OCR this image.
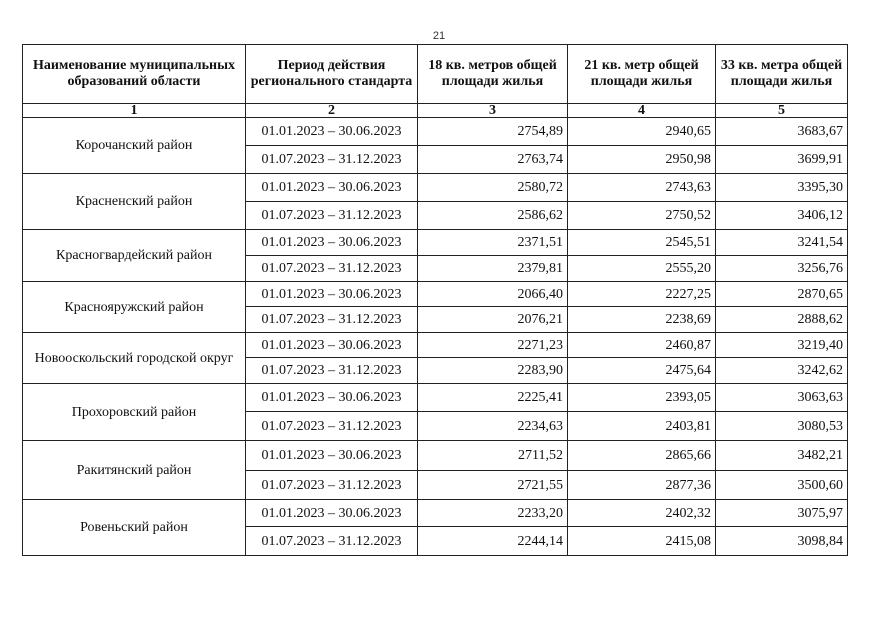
21
Наименование муниципальных образований области	Период действия регионального стандарта	18 кв. метров общей площади жилья	21 кв. метр общей площади жилья	33 кв. метра общей площади жилья
1	2	3	4	5
Корочанский район	01.01.2023 – 30.06.2023	2754,89	2940,65	3683,67
	01.07.2023 – 31.12.2023	2763,74	2950,98	3699,91
Красненский район	01.01.2023 – 30.06.2023	2580,72	2743,63	3395,30
	01.07.2023 – 31.12.2023	2586,62	2750,52	3406,12
Красногвардейский район	01.01.2023 – 30.06.2023	2371,51	2545,51	3241,54
	01.07.2023 – 31.12.2023	2379,81	2555,20	3256,76
Краснояружский район	01.01.2023 – 30.06.2023	2066,40	2227,25	2870,65
	01.07.2023 – 31.12.2023	2076,21	2238,69	2888,62
Новооскольский городской округ	01.01.2023 – 30.06.2023	2271,23	2460,87	3219,40
	01.07.2023 – 31.12.2023	2283,90	2475,64	3242,62
Прохоровский район	01.01.2023 – 30.06.2023	2225,41	2393,05	3063,63
	01.07.2023 – 31.12.2023	2234,63	2403,81	3080,53
Ракитянский район	01.01.2023 – 30.06.2023	2711,52	2865,66	3482,21
	01.07.2023 – 31.12.2023	2721,55	2877,36	3500,60
Ровеньский район	01.01.2023 – 30.06.2023	2233,20	2402,32	3075,97
	01.07.2023 – 31.12.2023	2244,14	2415,08	3098,84
